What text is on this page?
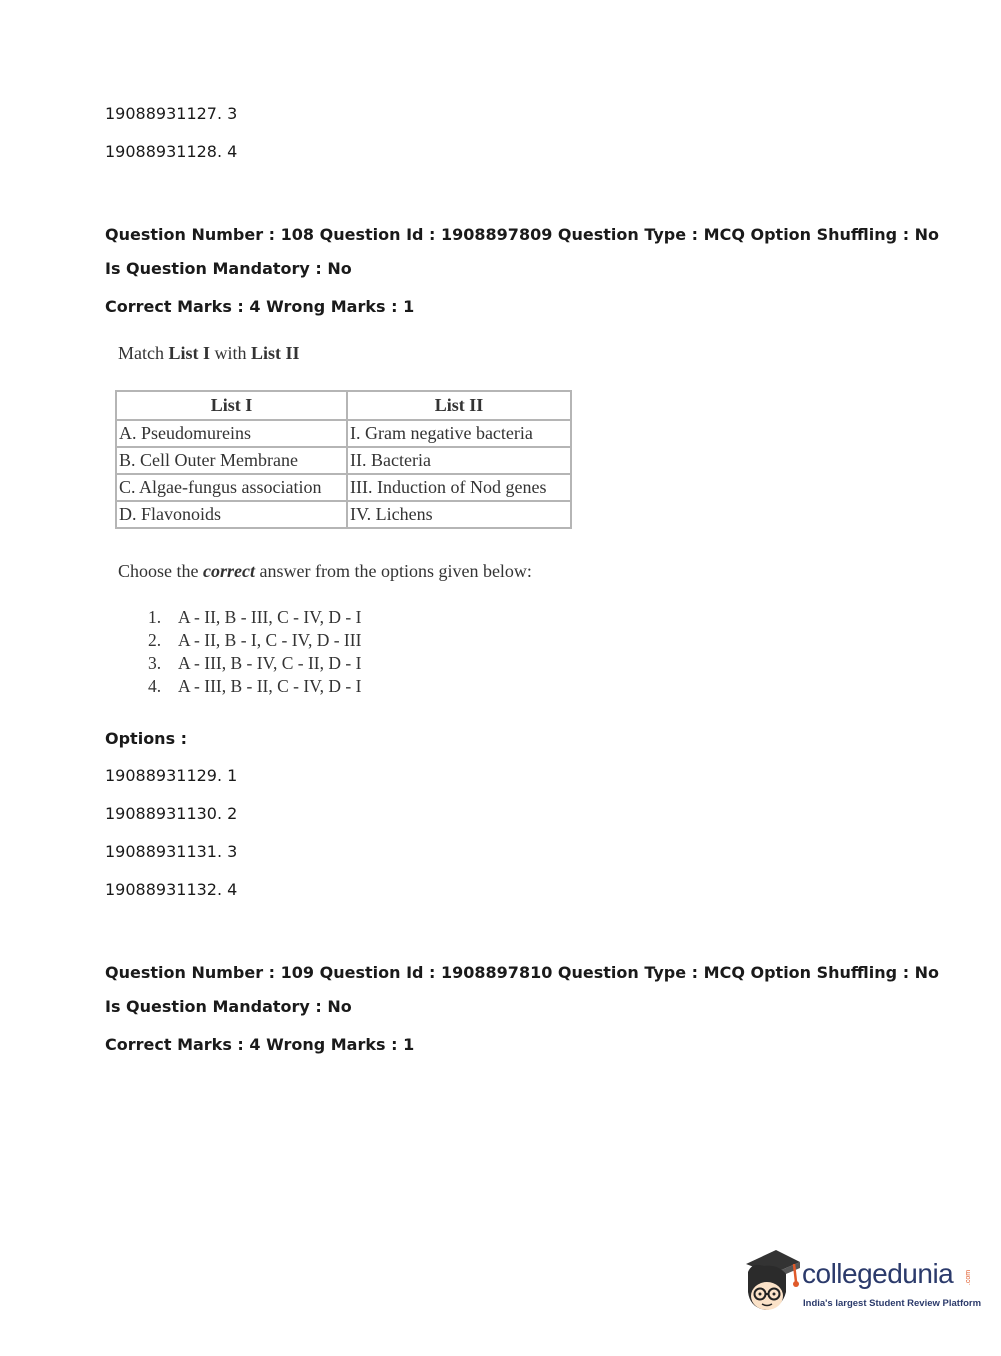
19088931127. 3
19088931128. 4
Question Number : 108 Question Id : 1908897809 Question Type : MCQ Option Shuffling : No
Is Question Mandatory : No
Correct Marks : 4 Wrong Marks : 1
Match List I with List II
List I	List II
A. Pseudomureins	I. Gram negative bacteria
B. Cell Outer Membrane	II. Bacteria
C. Algae-fungus association	III. Induction of Nod genes
D. Flavonoids	IV. Lichens
Choose the correct answer from the options given below:
1. A - II, B - III, C - IV, D - I
2. A - II, B - I, C - IV, D - III
3. A - III, B - IV, C - II, D - I
4. A - III, B - II, C - IV, D - I
Options :
19088931129. 1
19088931130. 2
19088931131. 3
19088931132. 4
Question Number : 109 Question Id : 1908897810 Question Type : MCQ Option Shuffling : No
Is Question Mandatory : No
Correct Marks : 4 Wrong Marks : 1
collegedunia .com
India's largest Student Review Platform
